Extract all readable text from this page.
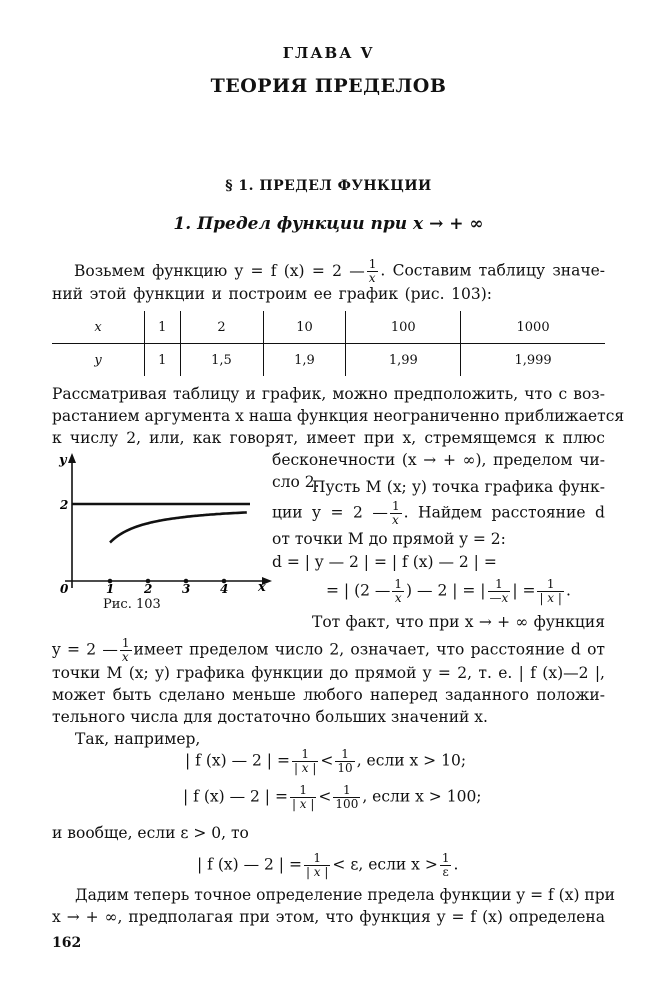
ГЛАВА V
ТЕОРИЯ ПРЕДЕЛОВ
§ 1. ПРЕДЕЛ ФУНКЦИИ
1. Предел функции при x → + ∞
Возьмем функцию y = f (x) = 2 — $\frac{1}{x}$ . Составим таблицу значе-
ний этой функции и построим ее график (рис. 103):
x	1	2	10	100	1000
y	1	1,5	1,9	1,99	1,999
Рассматривая таблицу и график, можно предположить, что с воз-
растанием аргумента x наша функция неограниченно приближается
к числу 2, или, как говорят, имеет при x, стремящемся к плюс
бесконечности (x → + ∞), пределом чи-
сло 2.
y
x
0
2
1 2 3 4
Рис. 103
Пусть M (x; y) точка графика функ-
ции y = 2 — $\frac{1}{x}$ . Найдем расстояние d
от точки M до прямой y = 2:
d = | y — 2 | = | f (x) — 2 | =
= | (2 — $\frac{1}{x}$ ) — 2 | = | $\frac{1}{—x}$ | = $\frac{1}{| x |}$ .
Тот факт, что при x → + ∞ функция
y = 2 — $\frac{1}{x}$ имеет пределом число 2, означает, что расстояние d от
точки M (x; y) графика функции до прямой y = 2, т. е. | f (x)—2 |,
может быть сделано меньше любого наперед заданного положи-
тельного числа для достаточно больших значений x.
Так, например,
| f (x) — 2 | = $\frac{1}{| x |} < \frac{1}{10}$ , если x > 10;
| f (x) — 2 | = $\frac{1}{| x |} < \frac{1}{100}$ , если x > 100;
и вообще, если ε > 0, то
| f (x) — 2 | = $\frac{1}{| x |} < \varepsilon$, если $x > \frac{1}{\varepsilon}$ .
Дадим теперь точное определение предела функции y = f (x) при
x → + ∞, предполагая при этом, что функция y = f (x) определена
162
